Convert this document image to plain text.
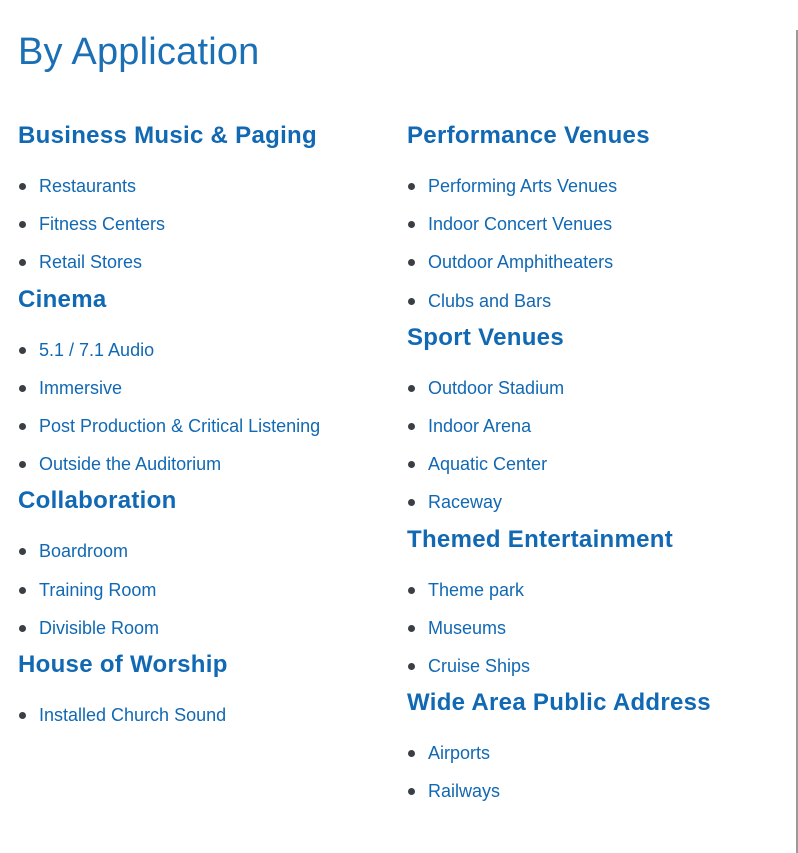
By Application
Business Music & Paging
Restaurants
Fitness Centers
Retail Stores
Cinema
5.1 / 7.1 Audio
Immersive
Post Production & Critical Listening
Outside the Auditorium
Collaboration
Boardroom
Training Room
Divisible Room
House of Worship
Installed Church Sound
Performance Venues
Performing Arts Venues
Indoor Concert Venues
Outdoor Amphitheaters
Clubs and Bars
Sport Venues
Outdoor Stadium
Indoor Arena
Aquatic Center
Raceway
Themed Entertainment
Theme park
Museums
Cruise Ships
Wide Area Public Address
Airports
Railways
